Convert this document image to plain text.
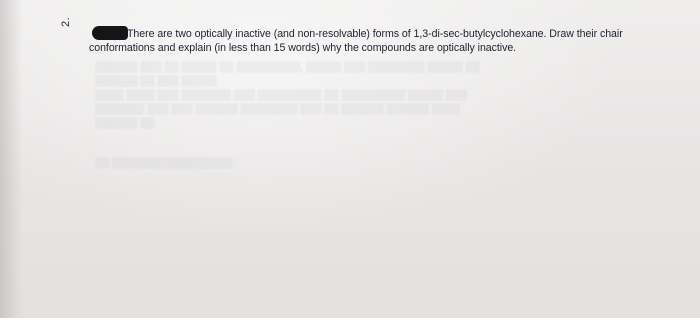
2.
There are two optically inactive (and non-resolvable) forms of 1,3-di-sec-butylcyclohexane. Draw their chair
conformations and explain (in less than 15 words) why the compounds are optically inactive.
▒▒▒▒▒▒ ▒▒▒ ▒▒ ▒▒▒▒▒ ▒▒ ▒▒▒▒▒▒▒▒▒, ▒▒▒▒▒ ▒▒▒ ▒▒▒▒▒▒▒▒ ▒▒▒▒▒ ▒▒
▒▒▒▒▒▒ ▒▒ ▒▒▒ ▒▒▒▒▒
▒▒▒▒ ▒▒▒▒ ▒▒▒ ▒▒▒▒▒▒▒ ▒▒▒ ▒▒▒▒▒▒▒▒▒ ▒▒ ▒▒▒▒▒▒▒▒▒ ▒▒▒▒▒ ▒▒▒
▒▒▒▒▒▒▒ ▒▒▒ ▒▒▒ ▒▒▒▒▒▒ ▒▒▒▒▒▒▒▒ ▒▒▒ ▒▒ ▒▒▒▒▒▒ ▒▒▒▒▒▒ ▒▒▒▒
▒▒▒▒▒▒ ▒▒
▒▒ ▒▒▒▒▒▒▒▒▒▒▒▒▒▒▒▒▒
